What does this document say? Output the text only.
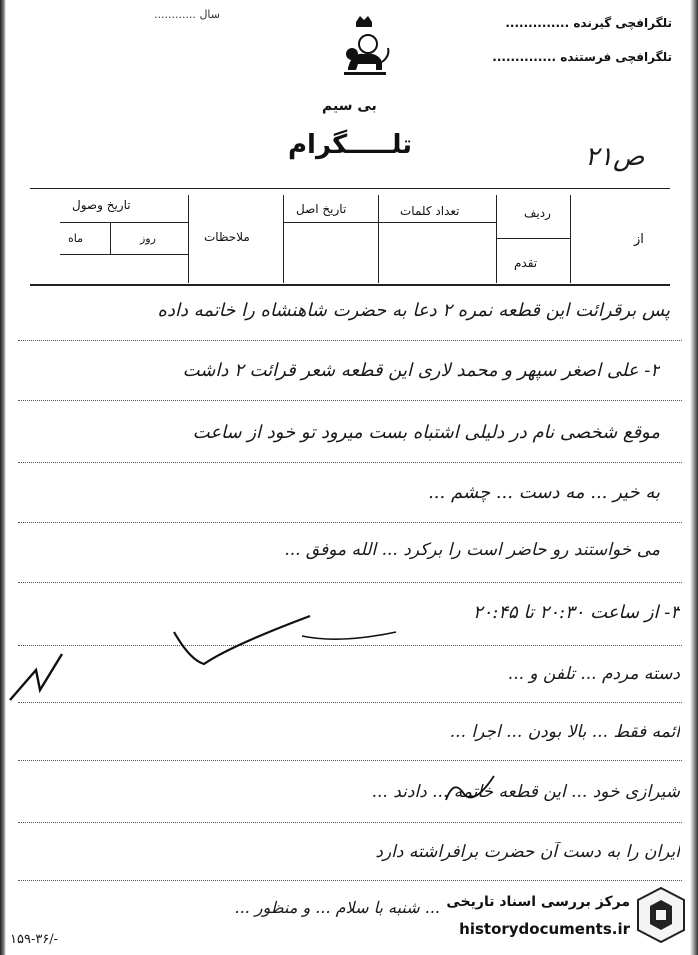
سال ............
تلگرافچی گیرنده ..............
تلگرافچی فرستنده ..............
بی سیم
تلـــــگرام	ص۲۱
از
ردیف
تقدم
تعداد کلمات
تاریخ اصل
ملاحظات
تاریخ وصول
روز
ماه
پس برقرائت این قطعه نمره ۲ دعا به حضرت شاهنشاه را خاتمه داده
۲- علی اصغر سپهر و محمد لاری این قطعه شعر قرائت ۲ داشت
موقع شخصی نام در دلیلی اشتباه بست میرود تو خود از ساعت
به خیر ... مه دست ... چشم ...
می خواستند رو حاضر است را برکرد ... الله موفق ...
۳- از ساعت ۲۰:۳۰ تا ۲۰:۴۵
دسته مردم ... تلفن و ...
ائمه فقط ... بالا بودن ... اجرا ...
شیرازی خود ... این قطعه خاتمه ... دادند ...
ایران را به دست آن حضرت برافراشته دارد
... شنبه با سلام ... و منظور ...
۱۵۹-۳۶/-
مرکز بررسی اسناد تاریخی
historydocuments.ir
